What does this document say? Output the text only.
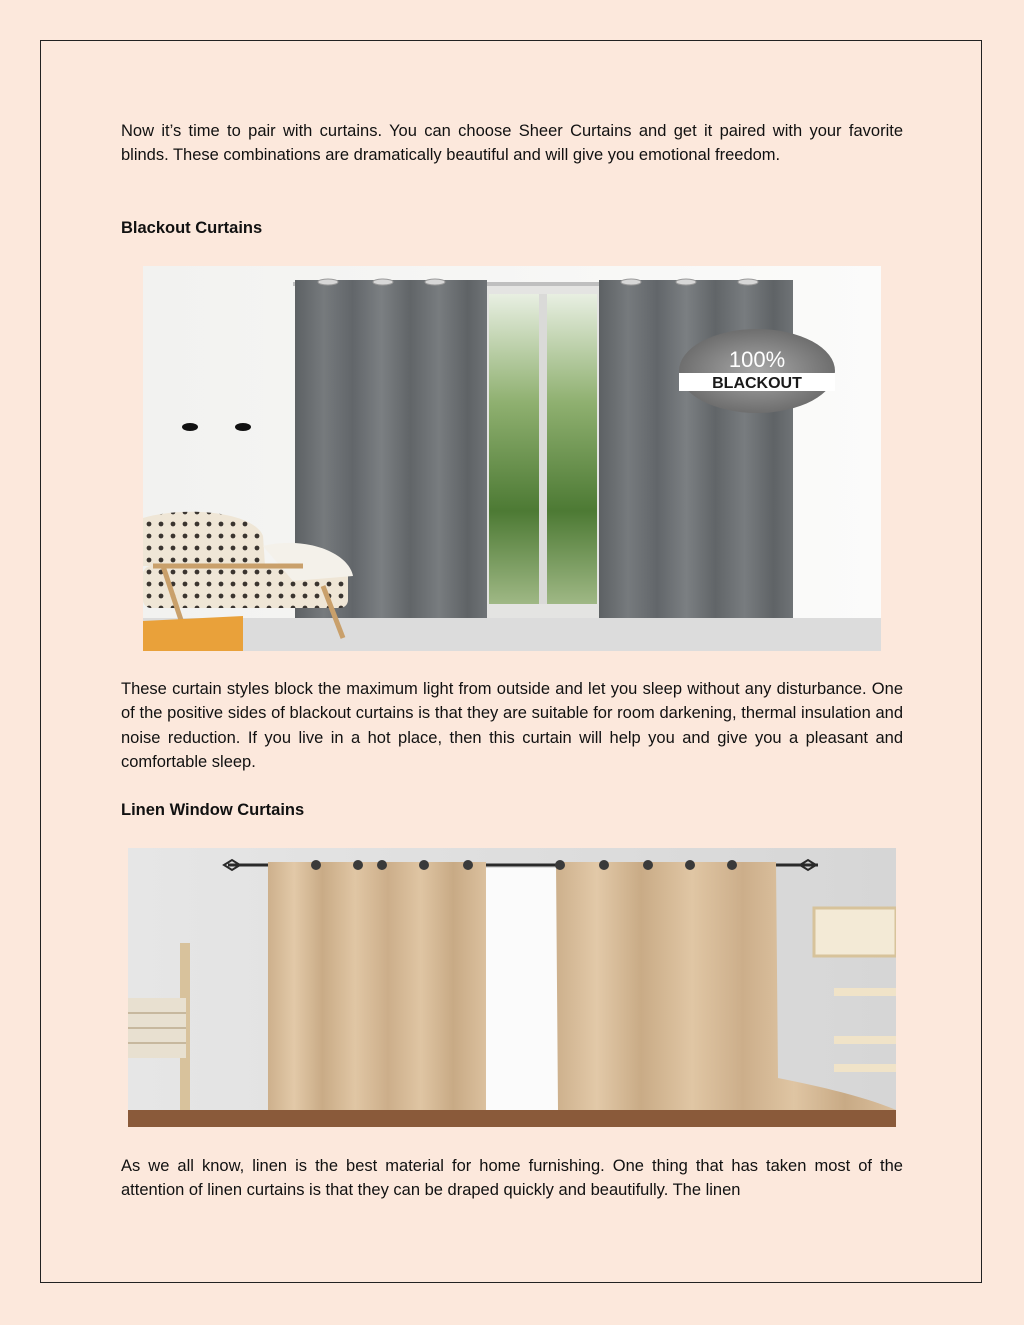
Now it’s time to pair with curtains. You can choose Sheer Curtains and get it paired with your favorite blinds. These combinations are dramatically beautiful and will give you emotional freedom.

Blackout Curtains
100%
BLACKOUT

These curtain styles block the maximum light from outside and let you sleep without any disturbance. One of the positive sides of blackout curtains is that they are suitable for room darkening, thermal insulation and noise reduction. If you live in a hot place, then this curtain will help you and give you a pleasant and comfortable sleep.

Linen Window Curtains

As we all know, linen is the best material for home furnishing. One thing that has taken most of the attention of linen curtains is that they can be draped quickly and beautifully. The linen
